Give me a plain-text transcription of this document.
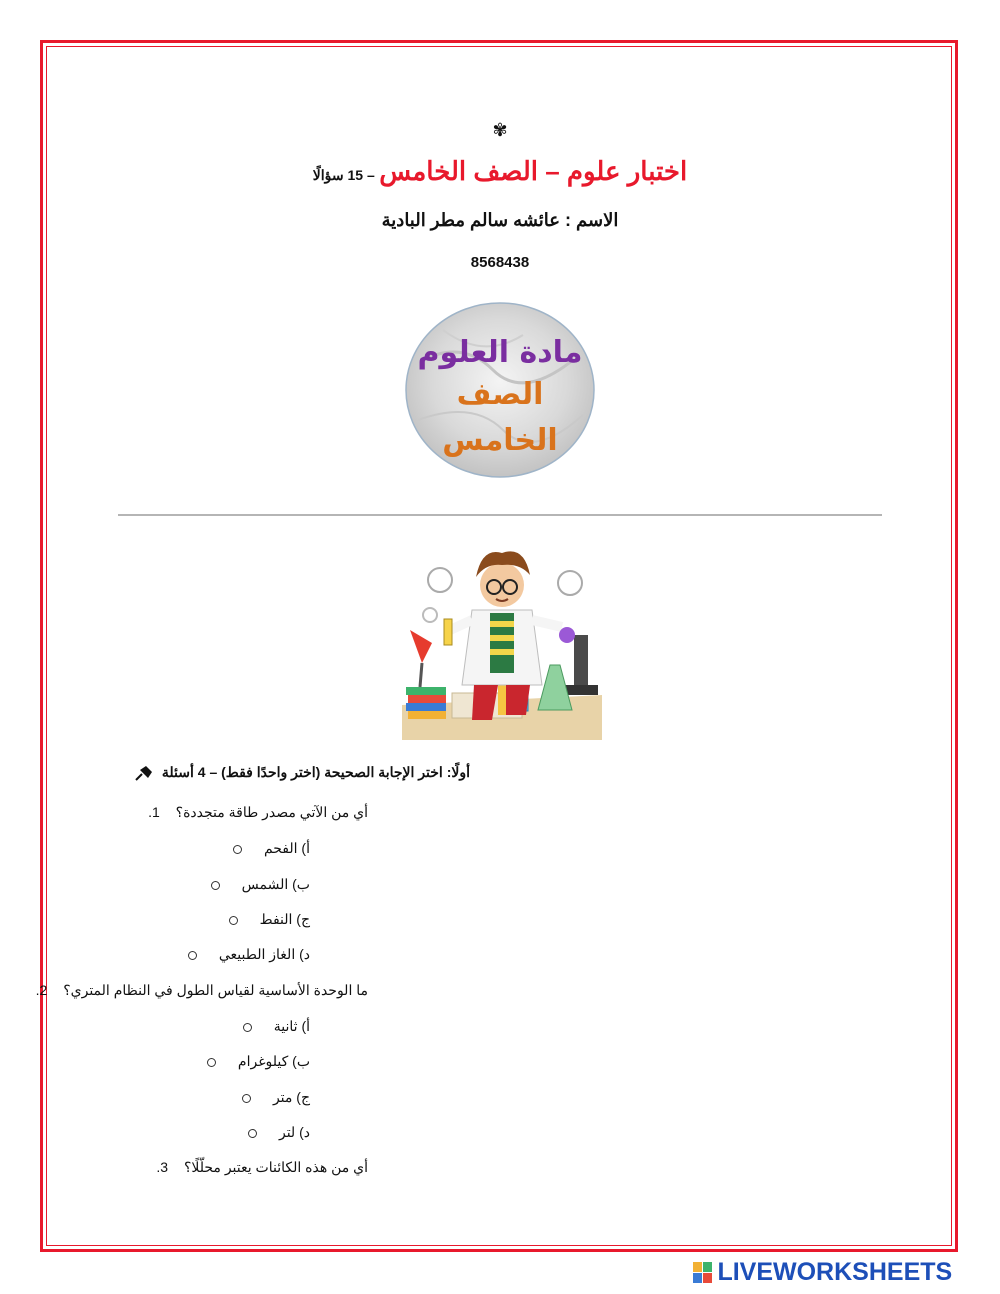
✾
اختبار علوم – الصف الخامس – 15 سؤالًا
الاسم : عائشه سالم مطر البادية
8568438
مادة العلوم
الصف
الخامس
أولًا: اختر الإجابة الصحيحة (اختر واحدًا فقط) – 4 أسئلة
أي من الآتي مصدر طاقة متجددة؟ 1.
أ) الفحم
ب) الشمس
ج) النفط
د) الغاز الطبيعي
ما الوحدة الأساسية لقياس الطول في النظام المتري؟ 2.
أ) ثانية
ب) كيلوغرام
ج) متر
د) لتر
أي من هذه الكائنات يعتبر محلّلًا؟ 3.
LIVEWORKSHEETS
